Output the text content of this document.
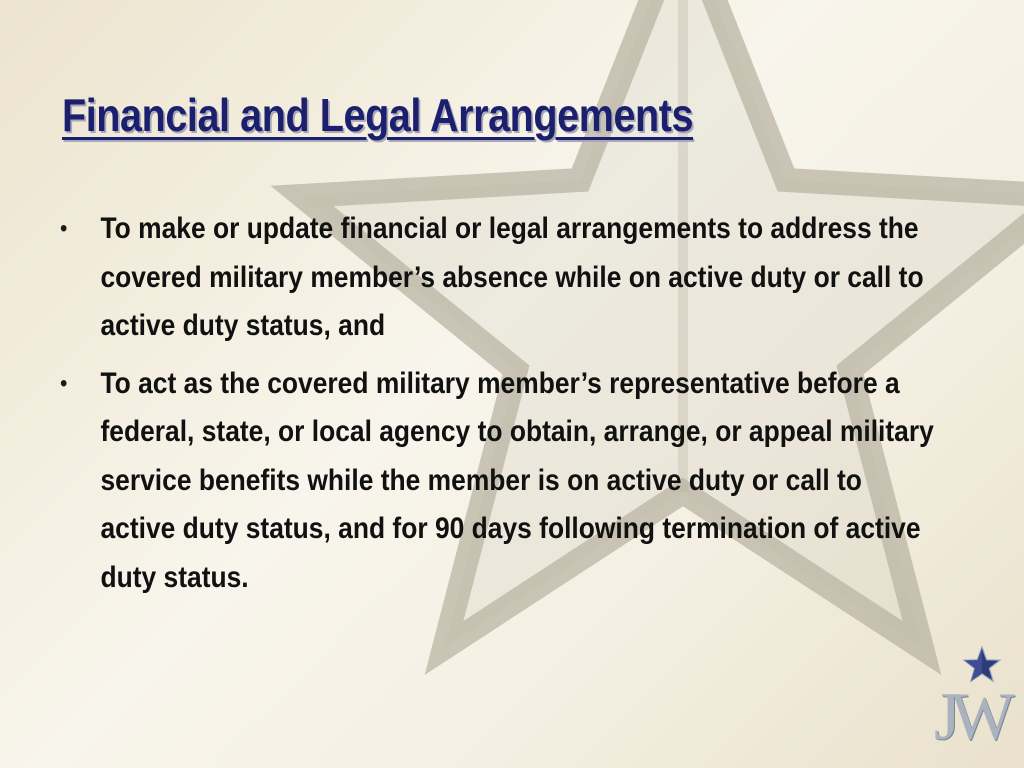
Financial and Legal Arrangements
• To make or update financial or legal arrangements to address the covered military member’s absence while on active duty or call to active duty status, and
• To act as the covered military member’s representative before a federal, state, or local agency to obtain, arrange, or appeal military service benefits while the member is on active duty or call to active duty status, and for 90 days following termination of active duty status.
JW
